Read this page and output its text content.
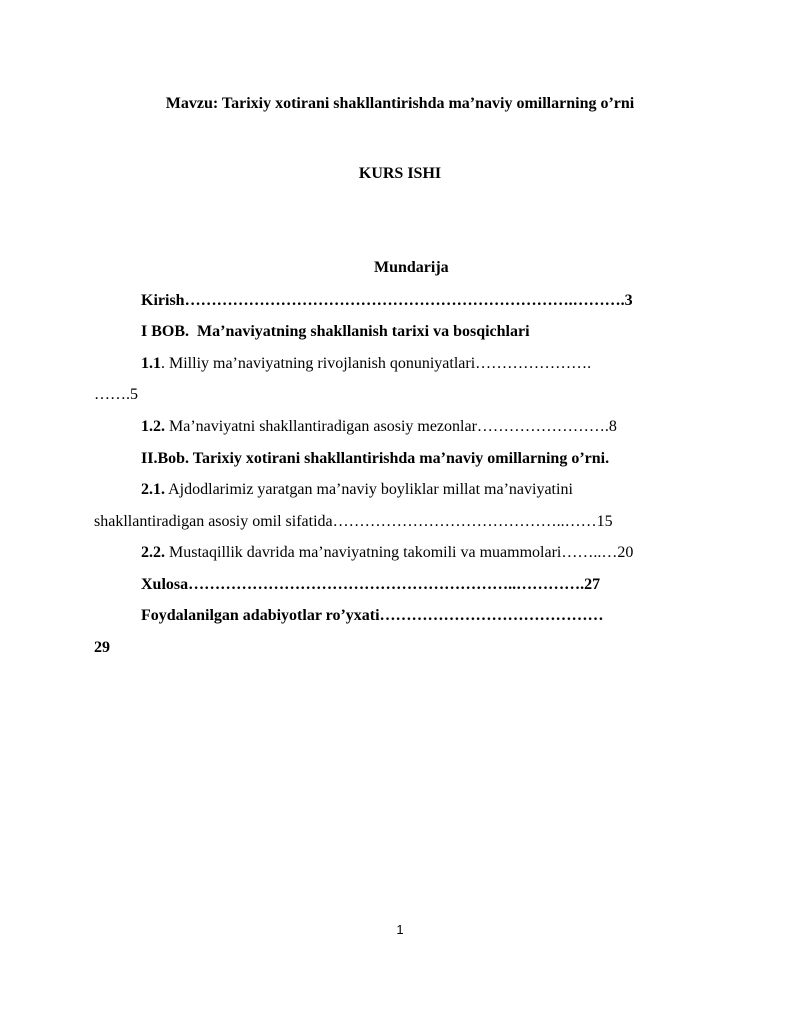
Mavzu: Tarixiy xotirani shakllantirishda ma’naviy omillarning o’rni
KURS ISHI
Mundarija
Kirish……………………………………………………………….……….3
I BOB.  Ma’naviyatning shakllanish tarixi va bosqichlari
1.1. Milliy ma’naviyatning rivojlanish qonuniyatlari………………….
…….5
1.2. Ma’naviyatni shakllantiradigan asosiy mezonlar…………………….8
II.Bob. Tarixiy xotirani shakllantirishda ma’naviy omillarning o’rni.
2.1. Ajdodlarimiz yaratgan ma’naviy boyliklar millat ma’naviyatini
shakllantiradigan asosiy omil sifatida……………………………………..……15
2.2. Mustaqillik davrida ma’naviyatning takomili va muammolari……..…20
Xulosa……………………………………………………..………….27
Foydalanilgan adabiyotlar ro’yxati……………………………………
29
1
